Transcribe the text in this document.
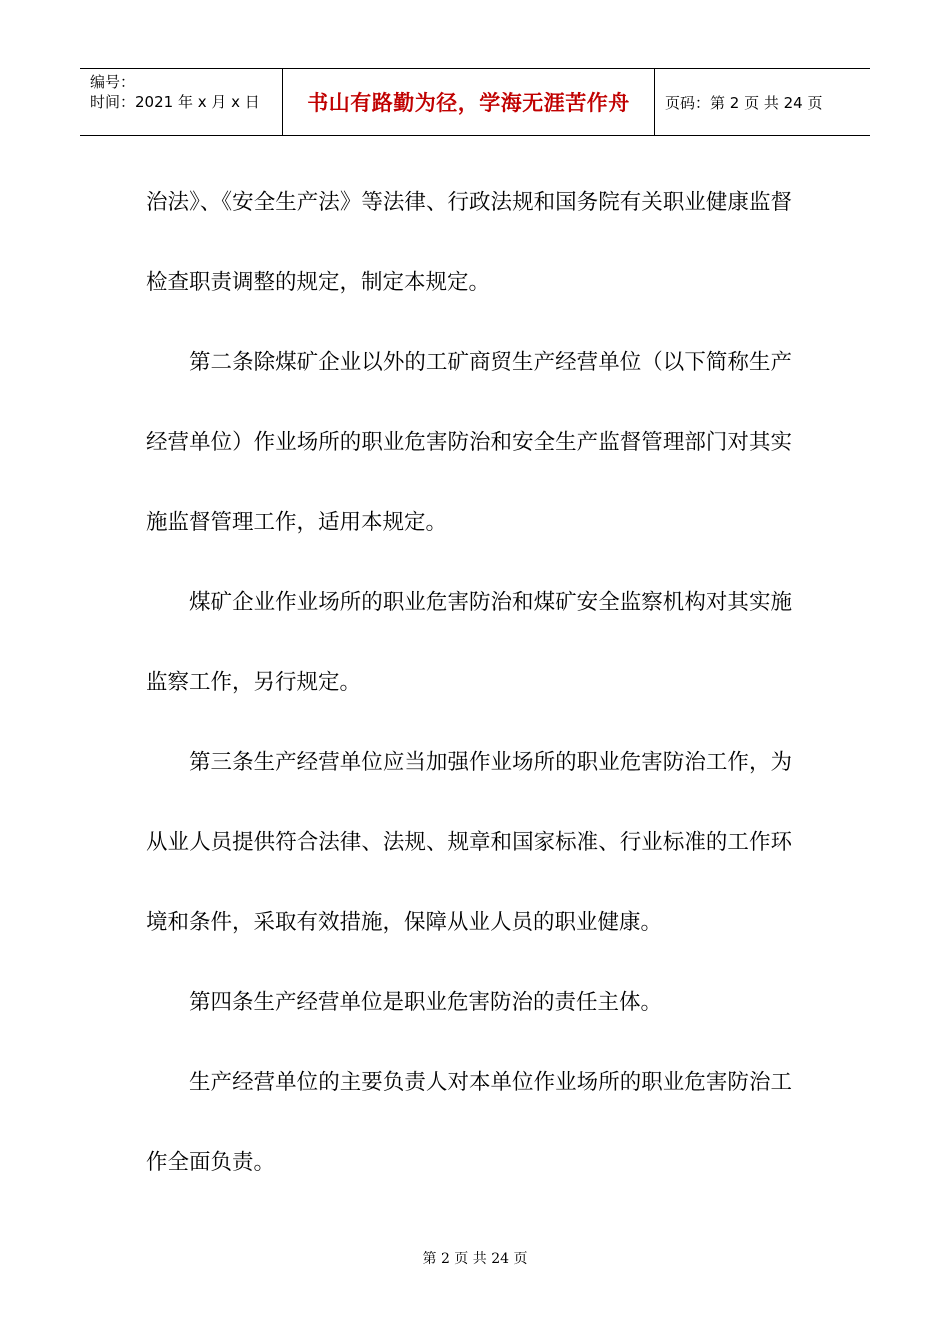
编号：
时间：2021 年 x 月 x 日 书山有路勤为径，学海无涯苦作舟 页码：第 2 页 共 24 页

治法》、《安全生产法》等法律、行政法规和国务院有关职业健康监督检查职责调整的规定，制定本规定。

第二条除煤矿企业以外的工矿商贸生产经营单位（以下简称生产经营单位）作业场所的职业危害防治和安全生产监督管理部门对其实施监督管理工作，适用本规定。

煤矿企业作业场所的职业危害防治和煤矿安全监察机构对其实施监察工作，另行规定。

第三条生产经营单位应当加强作业场所的职业危害防治工作，为从业人员提供符合法律、法规、规章和国家标准、行业标准的工作环境和条件，采取有效措施，保障从业人员的职业健康。

第四条生产经营单位是职业危害防治的责任主体。

生产经营单位的主要负责人对本单位作业场所的职业危害防治工作全面负责。

第 2 页 共 24 页
